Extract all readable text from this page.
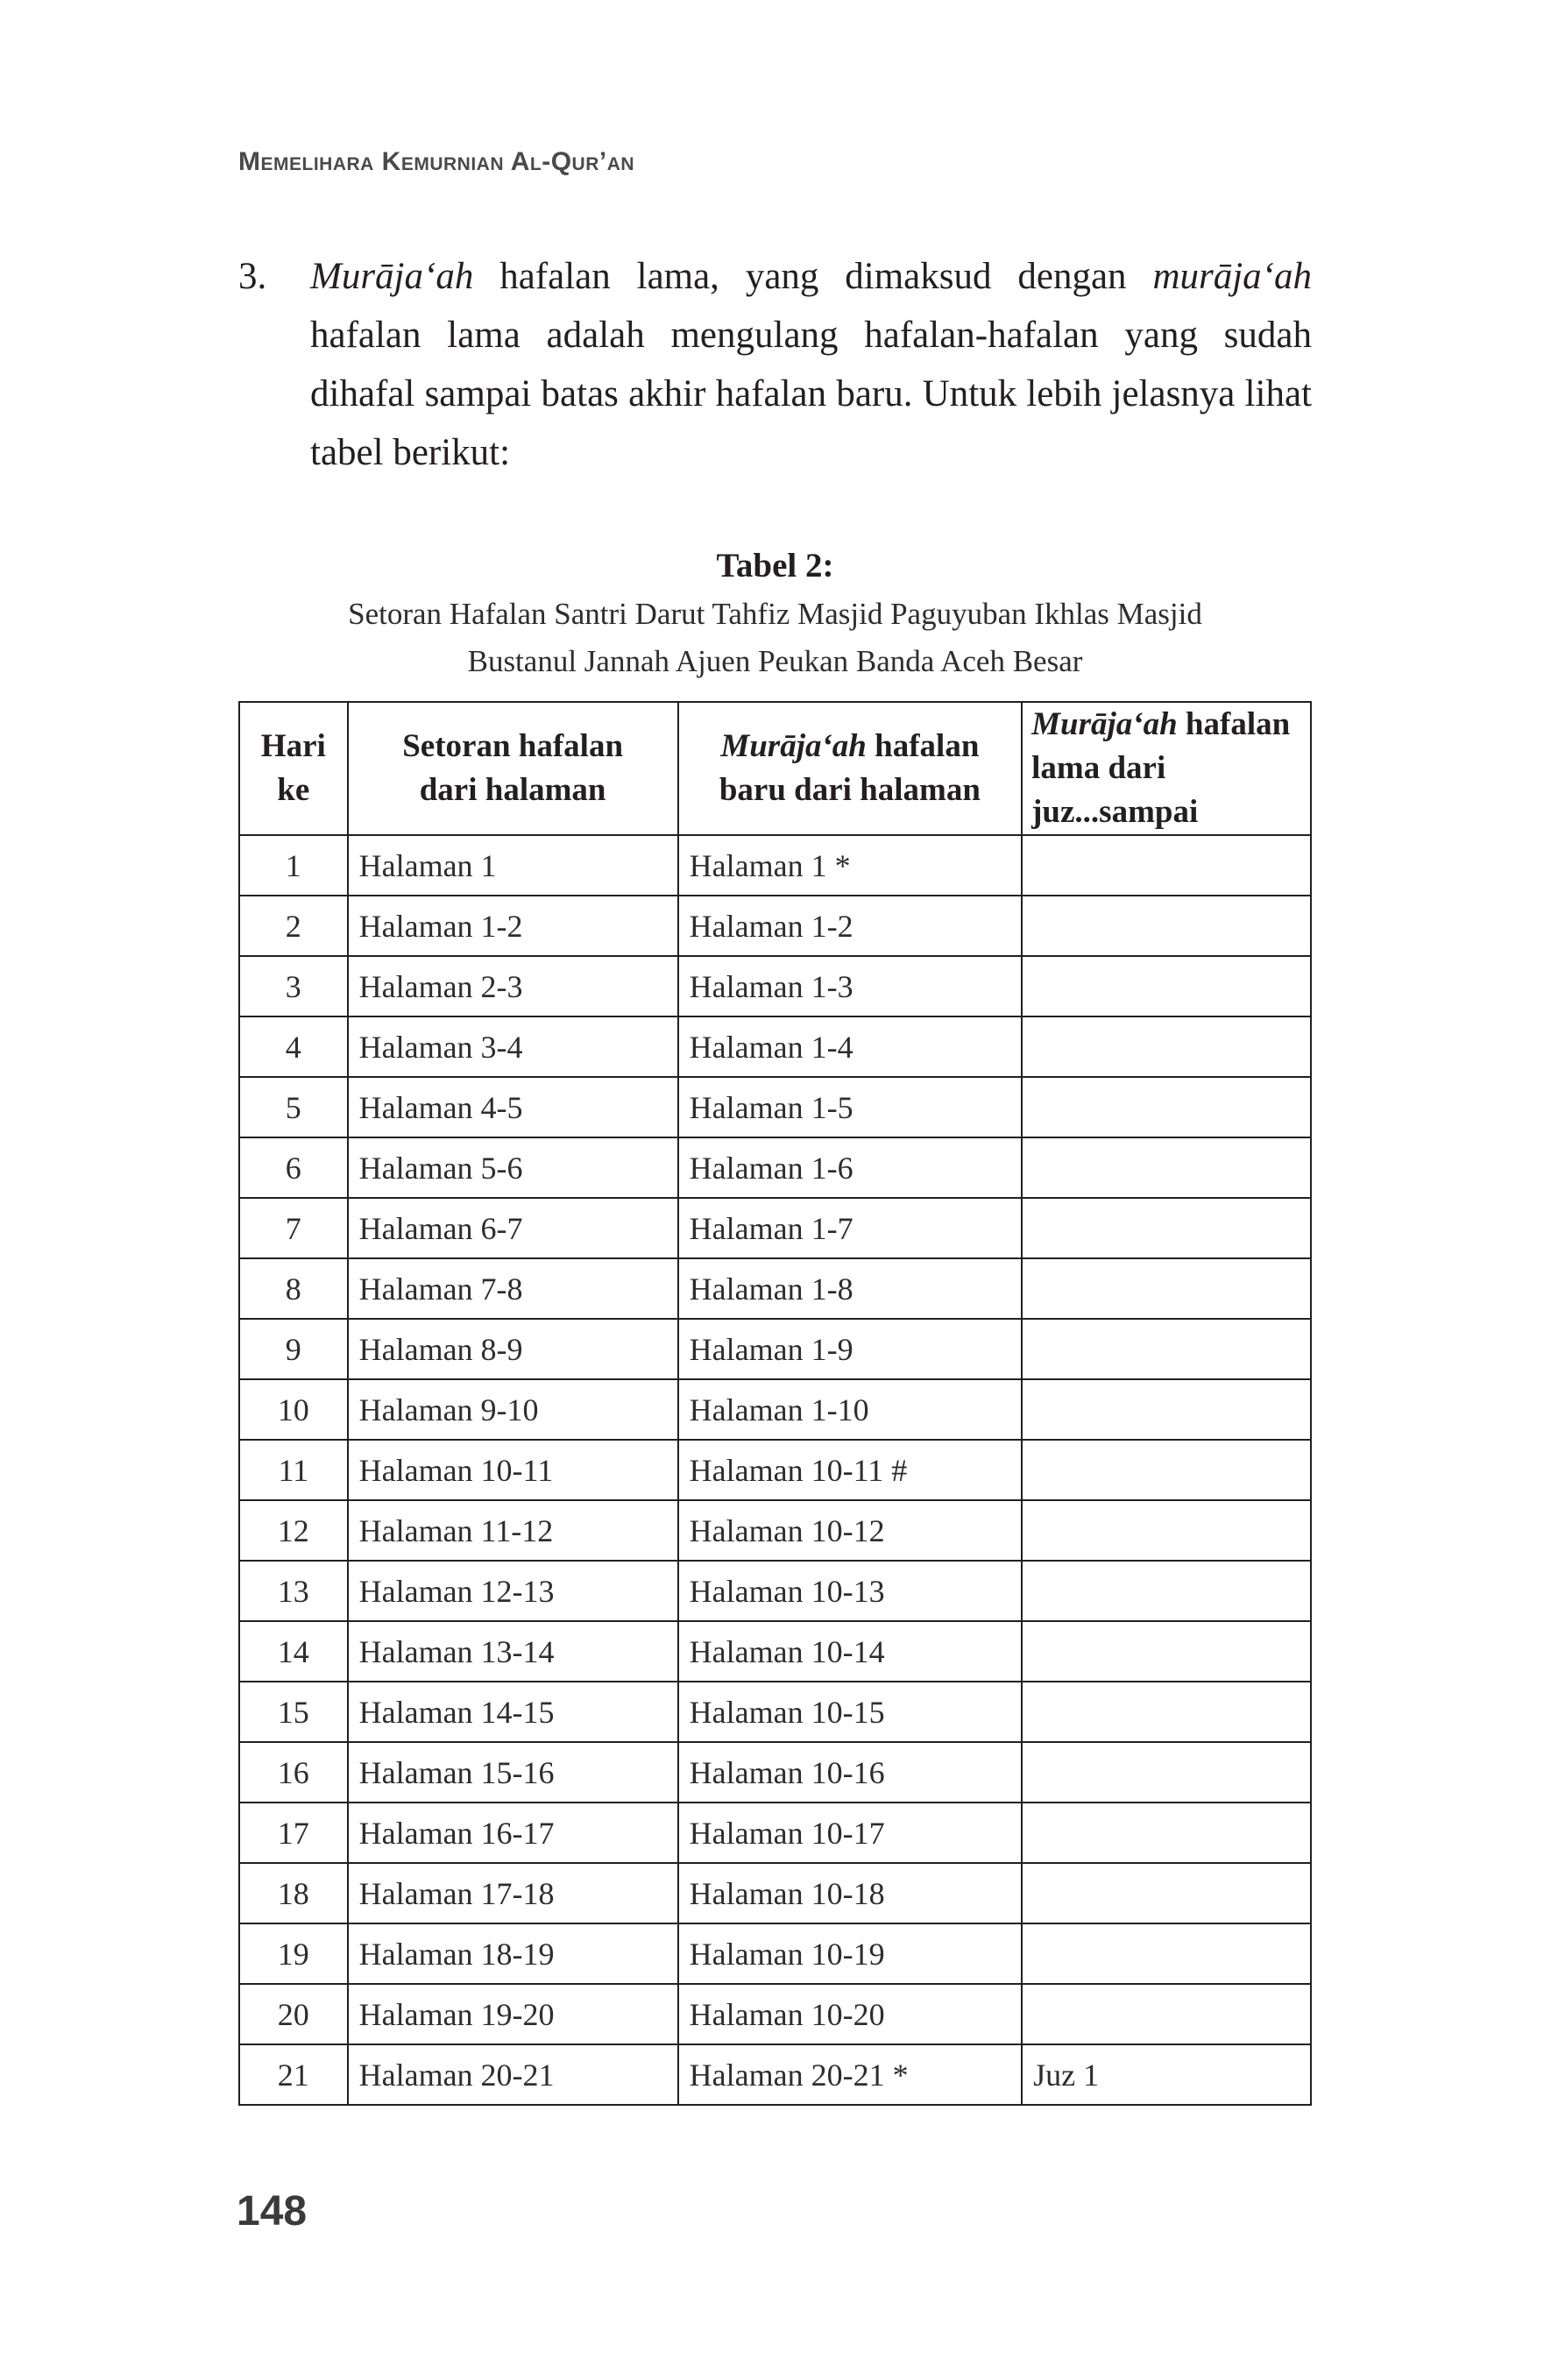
Memelihara Kemurnian Al-Qur’an
3. Murāja‘ah hafalan lama, yang dimaksud dengan murāja‘ah hafalan lama adalah mengulang hafalan-hafalan yang sudah dihafal sampai batas akhir hafalan baru. Untuk lebih jelasnya lihat tabel berikut:
Tabel 2:
Setoran Hafalan Santri Darut Tahfiz Masjid Paguyuban Ikhlas Masjid
Bustanul Jannah Ajuen Peukan Banda Aceh Besar
Hari ke	Setoran hafalan dari halaman	Murāja‘ah hafalan baru dari halaman	Murāja‘ah hafalan lama dari juz...sampai
1	Halaman 1	Halaman 1 *	
2	Halaman 1-2	Halaman 1-2	
3	Halaman 2-3	Halaman 1-3	
4	Halaman 3-4	Halaman 1-4	
5	Halaman 4-5	Halaman 1-5	
6	Halaman 5-6	Halaman 1-6	
7	Halaman 6-7	Halaman 1-7	
8	Halaman 7-8	Halaman 1-8	
9	Halaman 8-9	Halaman 1-9	
10	Halaman 9-10	Halaman 1-10	
11	Halaman 10-11	Halaman 10-11 #	
12	Halaman 11-12	Halaman 10-12	
13	Halaman 12-13	Halaman 10-13	
14	Halaman 13-14	Halaman 10-14	
15	Halaman 14-15	Halaman 10-15	
16	Halaman 15-16	Halaman 10-16	
17	Halaman 16-17	Halaman 10-17	
18	Halaman 17-18	Halaman 10-18	
19	Halaman 18-19	Halaman 10-19	
20	Halaman 19-20	Halaman 10-20	
21	Halaman 20-21	Halaman 20-21 *	Juz 1
148
